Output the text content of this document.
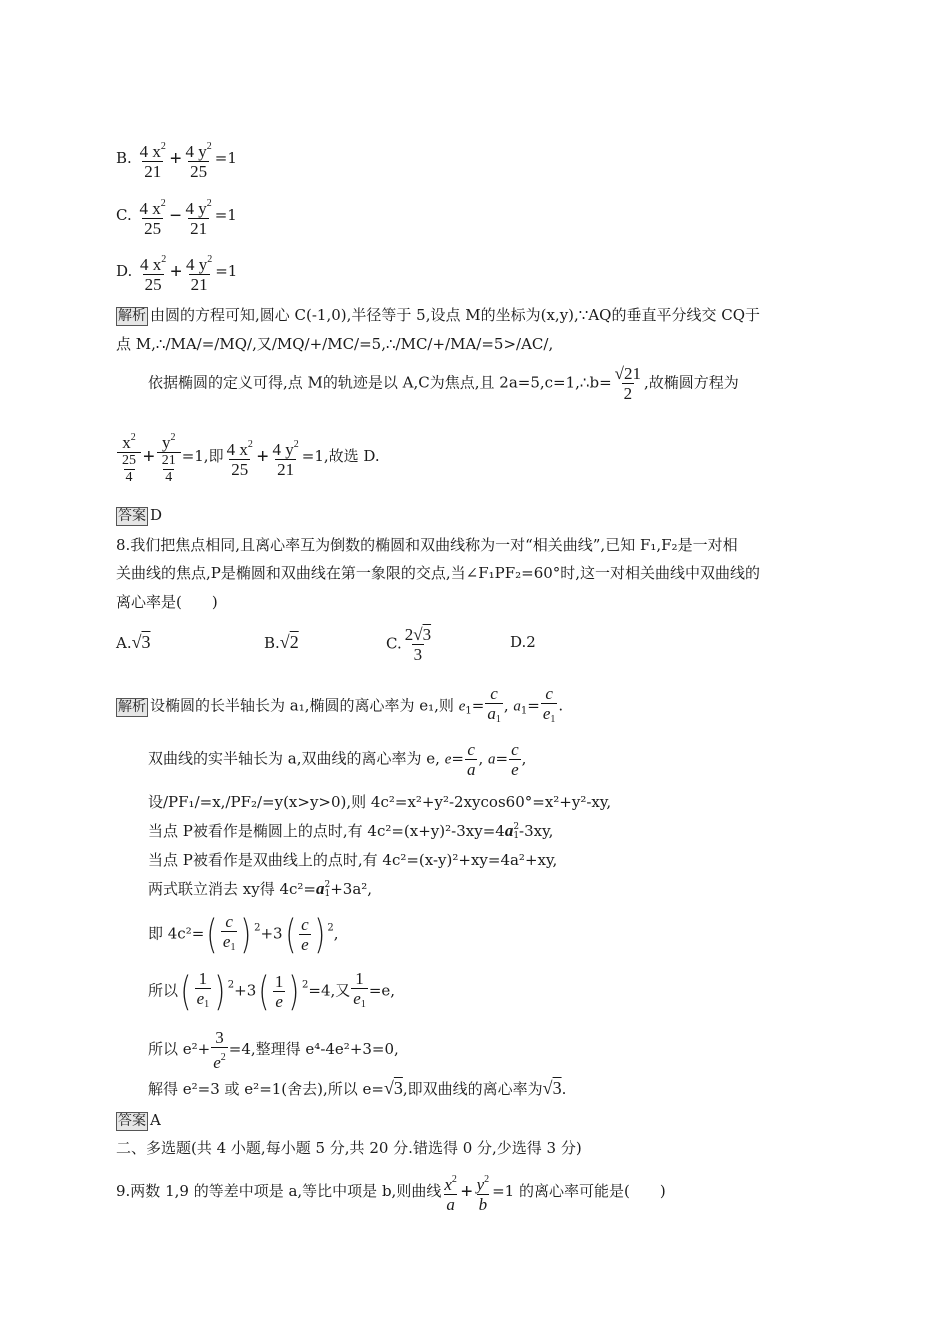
B. $\frac{4 x^2}{21} + \frac{4 y^2}{25} =1$
C. $\frac{4 x^2}{25} - \frac{4 y^2}{21} =1$
D. $\frac{4 x^2}{25} + \frac{4 y^2}{21} =1$
解析 由圆的方程可知,圆心 C(-1,0),半径等于 5,设点 M的坐标为(x,y),∵AQ的垂直平分线交 CQ于
点 M,∴/MA/=/MQ/,又/MQ/+/MC/=5,∴/MC/+/MA/=5>/AC/,
依据椭圆的定义可得,点 M的轨迹是以 A,C为焦点,且 2a=5,c=1,∴b= $\frac{√21}{2}$ ,故椭圆方程为
$\frac{x^2}{\frac{25}{4}} + \frac{y^2}{\frac{21}{4}} =1$,即 $\frac{4 x^2}{25} + \frac{4 y^2}{21} =1$,故选 D.
答案 D
8.我们把焦点相同,且离心率互为倒数的椭圆和双曲线称为一对“相关曲线”,已知 F₁,F₂是一对相
关曲线的焦点,P是椭圆和双曲线在第一象限的交点,当∠F₁PF₂=60°时,这一对相关曲线中双曲线的
离心率是(　　)
A.√3	B.√2	C. $\frac{2√3}{3}$	D.2
解析 设椭圆的长半轴长为 a₁,椭圆的离心率为 e₁,则 $e_1= \frac{c}{a_1}$ , $a_1= \frac{c}{e_1}$ .
双曲线的实半轴长为 a,双曲线的离心率为 e, $e= \frac{c}{a}$ , $a= \frac{c}{e}$ ,
设/PF₁/=x,/PF₂/=y(x>y>0),则 4c²=x²+y²-2xycos60°=x²+y²-xy,
当点 P被看作是椭圆上的点时,有 4c²=(x+y)²-3xy=4a 2
1 -3xy,
当点 P被看作是双曲线上的点时,有 4c²=(x-y)²+xy=4a²+xy,
两式联立消去 xy得 4c²=a 2
1 +3a²,
即 4c²= ( c
$e_1$ ) $^2$+3 ( c
e ) $^2$,
所以 ( 1
$e_1$ ) $^2$+3 ( 1
e ) $^2$=4,又 $\frac{1}{e_1} =e$,
所以 $e^2+ \frac{3}{e^2} =4$,整理得 e⁴-4e²+3=0,
解得 e²=3 或 e²=1(舍去),所以 e=√3,即双曲线的离心率为√3.
答案 A
二、多选题(共 4 小题,每小题 5 分,共 20 分.错选得 0 分,少选得 3 分)
9.两数 1,9 的等差中项是 a,等比中项是 b,则曲线 $\frac{x^2}{a} + \frac{y^2}{b} =1$ 的离心率可能是(　　)
